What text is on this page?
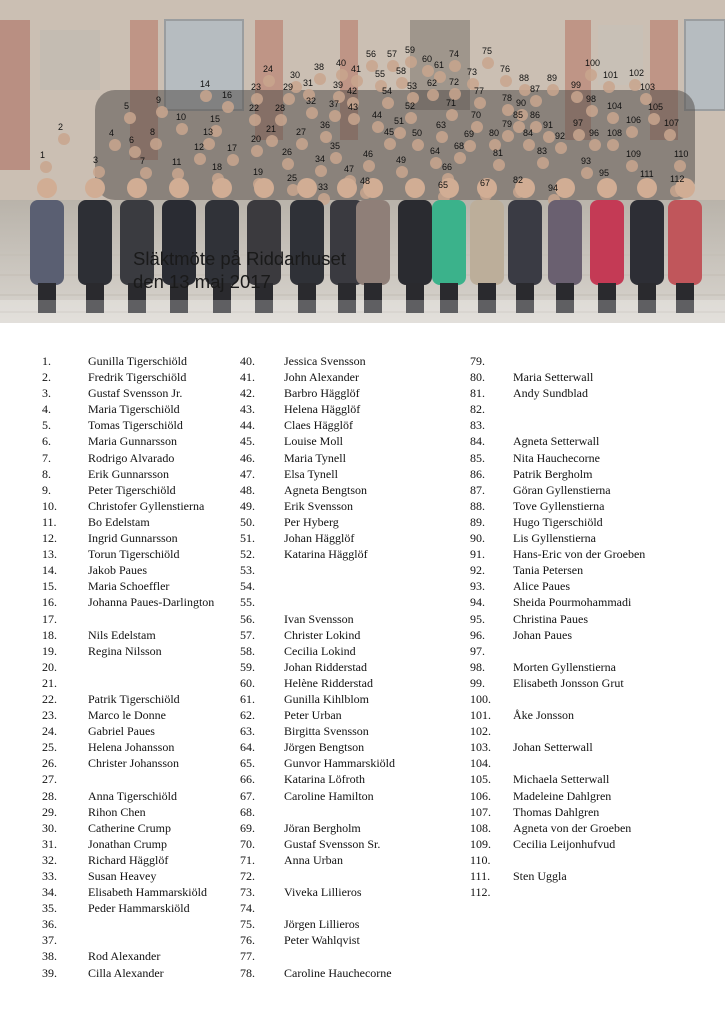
1
2
3
4
5
6
7
8
9
10
11
12
13
14
15
16
17
18	19
20
21
22
23
24
25
26
27
28
29
30
31
32
33
34
35
36
37
38
39
40
41
42
43
44
45
46
47
48
49
50
51
52
53
54
55
56 57
58
59
60
61
62
63
64
65
66
67
68
69
70
71
72
73
74	75
76
77
78
79
80
81
82
83
84
85 86
87
88 89
90
91
92
93
94
95
96
97
98
99
100
101 102
103
104	105
106	107
108
109	110
111 112
Släktmöte på Riddarhuset
den 13 maj 2017
1.	Gunilla Tigerschiöld
2.	Fredrik Tigerschiöld
3.	Gustaf Svensson Jr.
4.	Maria Tigerschiöld
5.	Tomas Tigerschiöld
6.	Maria Gunnarsson
7.	Rodrigo Alvarado
8.	Erik Gunnarsson
9.	Peter Tigerschiöld
10.	Christofer Gyllenstierna
11.	Bo Edelstam
12.	Ingrid Gunnarsson
13.	Torun Tigerschiöld
14.	Jakob Paues
15.	Maria Schoeffler
16.	Johanna Paues-Darlington
17.
18.	Nils Edelstam
19.	Regina Nilsson
20.
21.
22.	Patrik Tigerschiöld
23.	Marco le Donne
24.	Gabriel Paues
25.	Helena Johansson
26.	Christer Johansson
27.
28.	Anna Tigerschiöld
29.	Rihon Chen
30.	Catherine Crump
31.	Jonathan Crump
32.	Richard Hägglöf
33.	Susan Heavey
34.	Elisabeth Hammarskiöld
35.	Peder Hammarskiöld
36.
37.
38.	Rod Alexander
39.	Cilla Alexander
40. Jessica Svensson
41. John Alexander
42. Barbro Hägglöf
43. Helena Hägglöf
44. Claes Hägglöf
45. Louise Moll
46. Maria Tynell
47. Elsa Tynell
48. Agneta Bengtson
49. Erik Svensson
50. Per Hyberg
51. Johan Hägglöf
52. Katarina Hägglöf
53.
54.
55.
56. Ivan Svensson
57. Christer Lokind
58. Cecilia Lokind
59. Johan Ridderstad
60. Helène Ridderstad
61. Gunilla Kihlblom
62. Peter Urban
63. Birgitta Svensson
64. Jörgen Bengtson
65. Gunvor Hammarskiöld
66. Katarina Löfroth
67. Caroline Hamilton
68.
69. Jöran Bergholm
70. Gustaf Svensson Sr.
71. Anna Urban
72.
73. Viveka Lillieros
74.
75. Jörgen Lillieros
76. Peter Wahlqvist
77.
78. Caroline Hauchecorne
79.
80. Maria Setterwall
81. Andy Sundblad
82.
83.
84. Agneta Setterwall
85. Nita Hauchecorne
86. Patrik Bergholm
87. Göran Gyllenstierna
88. Tove Gyllenstierna
89. Hugo Tigerschiöld
90. Lis Gyllenstierna
91. Hans-Eric von der Groeben
92. Tania Petersen
93. Alice Paues
94. Sheida Pourmohammadi
95. Christina Paues
96. Johan Paues
97.
98. Morten Gyllenstierna
99. Elisabeth Jonsson Grut
100.
101. Åke Jonsson
102.
103. Johan Setterwall
104.
105. Michaela Setterwall
106. Madeleine Dahlgren
107. Thomas Dahlgren
108. Agneta von der Groeben
109. Cecilia Leijonhufvud
110.
111. Sten Uggla
112.
